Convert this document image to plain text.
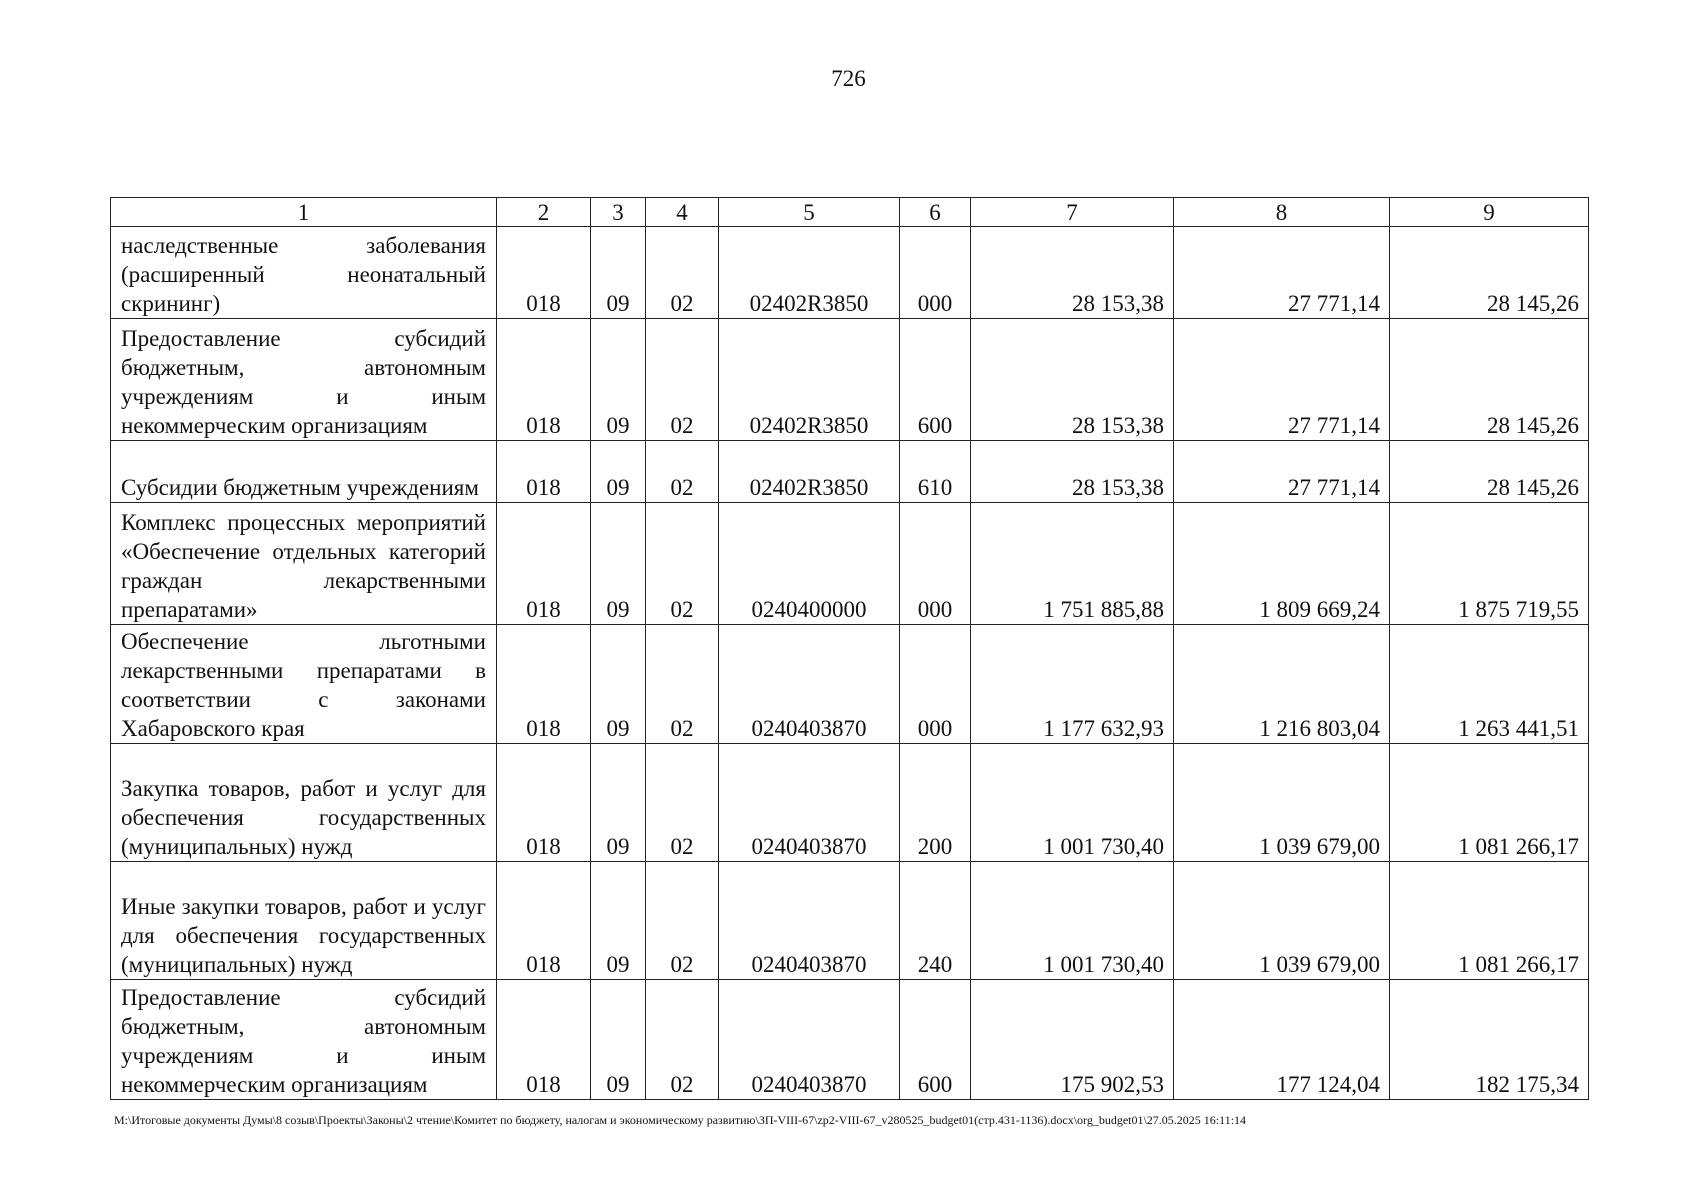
726
1	2	3	4	5	6	7	8	9
наследственные заболевания (расширенный неонатальный скрининг)	018	09	02	02402R3850	000	28 153,38	27 771,14	28 145,26
Предоставление субсидий бюджетным, автономным учреждениям и иным некоммерческим организациям	018	09	02	02402R3850	600	28 153,38	27 771,14	28 145,26
Субсидии бюджетным учреждениям	018	09	02	02402R3850	610	28 153,38	27 771,14	28 145,26
Комплекс процессных мероприятий «Обеспечение отдельных категорий граждан лекарственными препаратами»	018	09	02	0240400000	000	1 751 885,88	1 809 669,24	1 875 719,55
Обеспечение льготными лекарственными препаратами в соответствии с законами Хабаровского края	018	09	02	0240403870	000	1 177 632,93	1 216 803,04	1 263 441,51
Закупка товаров, работ и услуг для обеспечения государственных (муниципальных) нужд	018	09	02	0240403870	200	1 001 730,40	1 039 679,00	1 081 266,17
Иные закупки товаров, работ и услуг для обеспечения государственных (муниципальных) нужд	018	09	02	0240403870	240	1 001 730,40	1 039 679,00	1 081 266,17
Предоставление субсидий бюджетным, автономным учреждениям и иным некоммерческим организациям	018	09	02	0240403870	600	175 902,53	177 124,04	182 175,34
М:\Итоговые документы Думы\8 созыв\Проекты\Законы\2 чтение\Комитет по бюджету, налогам и экономическому развитию\ЗП-VIII-67\zp2-VIII-67_v280525_budget01(стр.431-1136).docx\org_budget01\27.05.2025 16:11:14
